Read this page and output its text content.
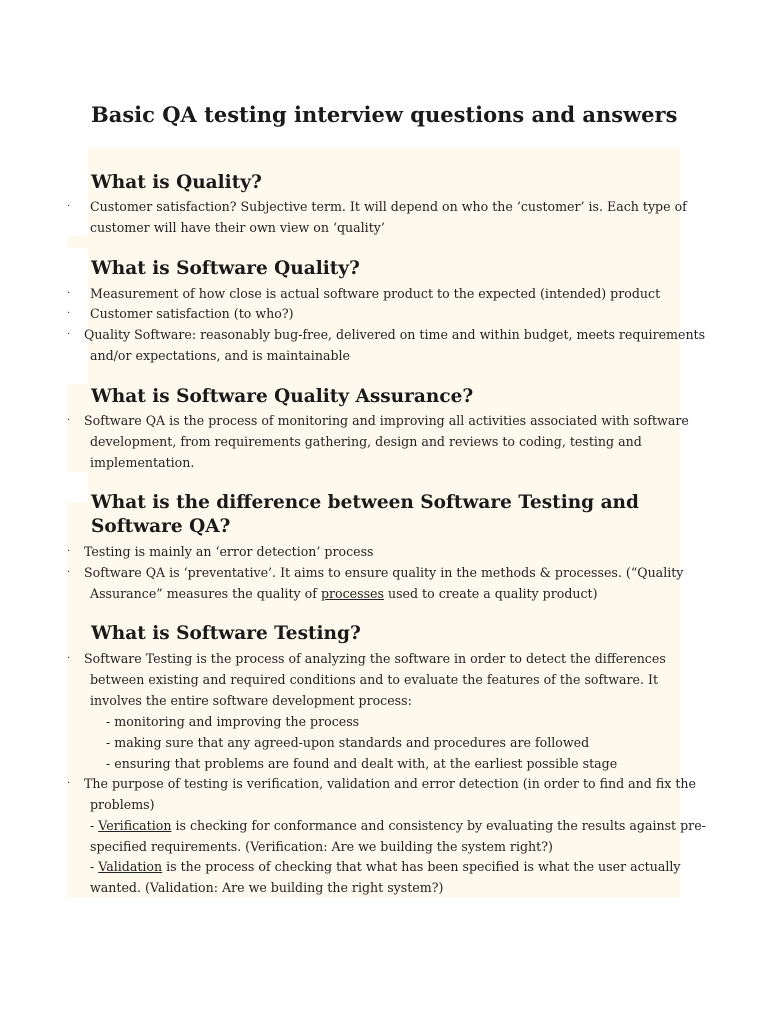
Basic QA testing interview questions and answers
What is Quality?
· Customer satisfaction? Subjective term. It will depend on who the ‘customer’ is. Each type of
customer will have their own view on ‘quality’
What is Software Quality?
· Measurement of how close is actual software product to the expected (intended) product
· Customer satisfaction (to who?)
· Quality Software: reasonably bug-free, delivered on time and within budget, meets requirements
and/or expectations, and is maintainable
What is Software Quality Assurance?
· Software QA is the process of monitoring and improving all activities associated with software
development, from requirements gathering, design and reviews to coding, testing and
implementation.
What is the difference between Software Testing and
Software QA?
· Testing is mainly an ‘error detection’ process
· Software QA is ‘preventative’. It aims to ensure quality in the methods & processes. (“Quality
Assurance” measures the quality of processes used to create a quality product)
What is Software Testing?
· Software Testing is the process of analyzing the software in order to detect the differences
between existing and required conditions and to evaluate the features of the software. It
involves the entire software development process:
- monitoring and improving the process
- making sure that any agreed-upon standards and procedures are followed
- ensuring that problems are found and dealt with, at the earliest possible stage
· The purpose of testing is verification, validation and error detection (in order to find and fix the
problems)
- Verification is checking for conformance and consistency by evaluating the results against pre-
specified requirements. (Verification: Are we building the system right?)
- Validation is the process of checking that what has been specified is what the user actually
wanted. (Validation: Are we building the right system?)
